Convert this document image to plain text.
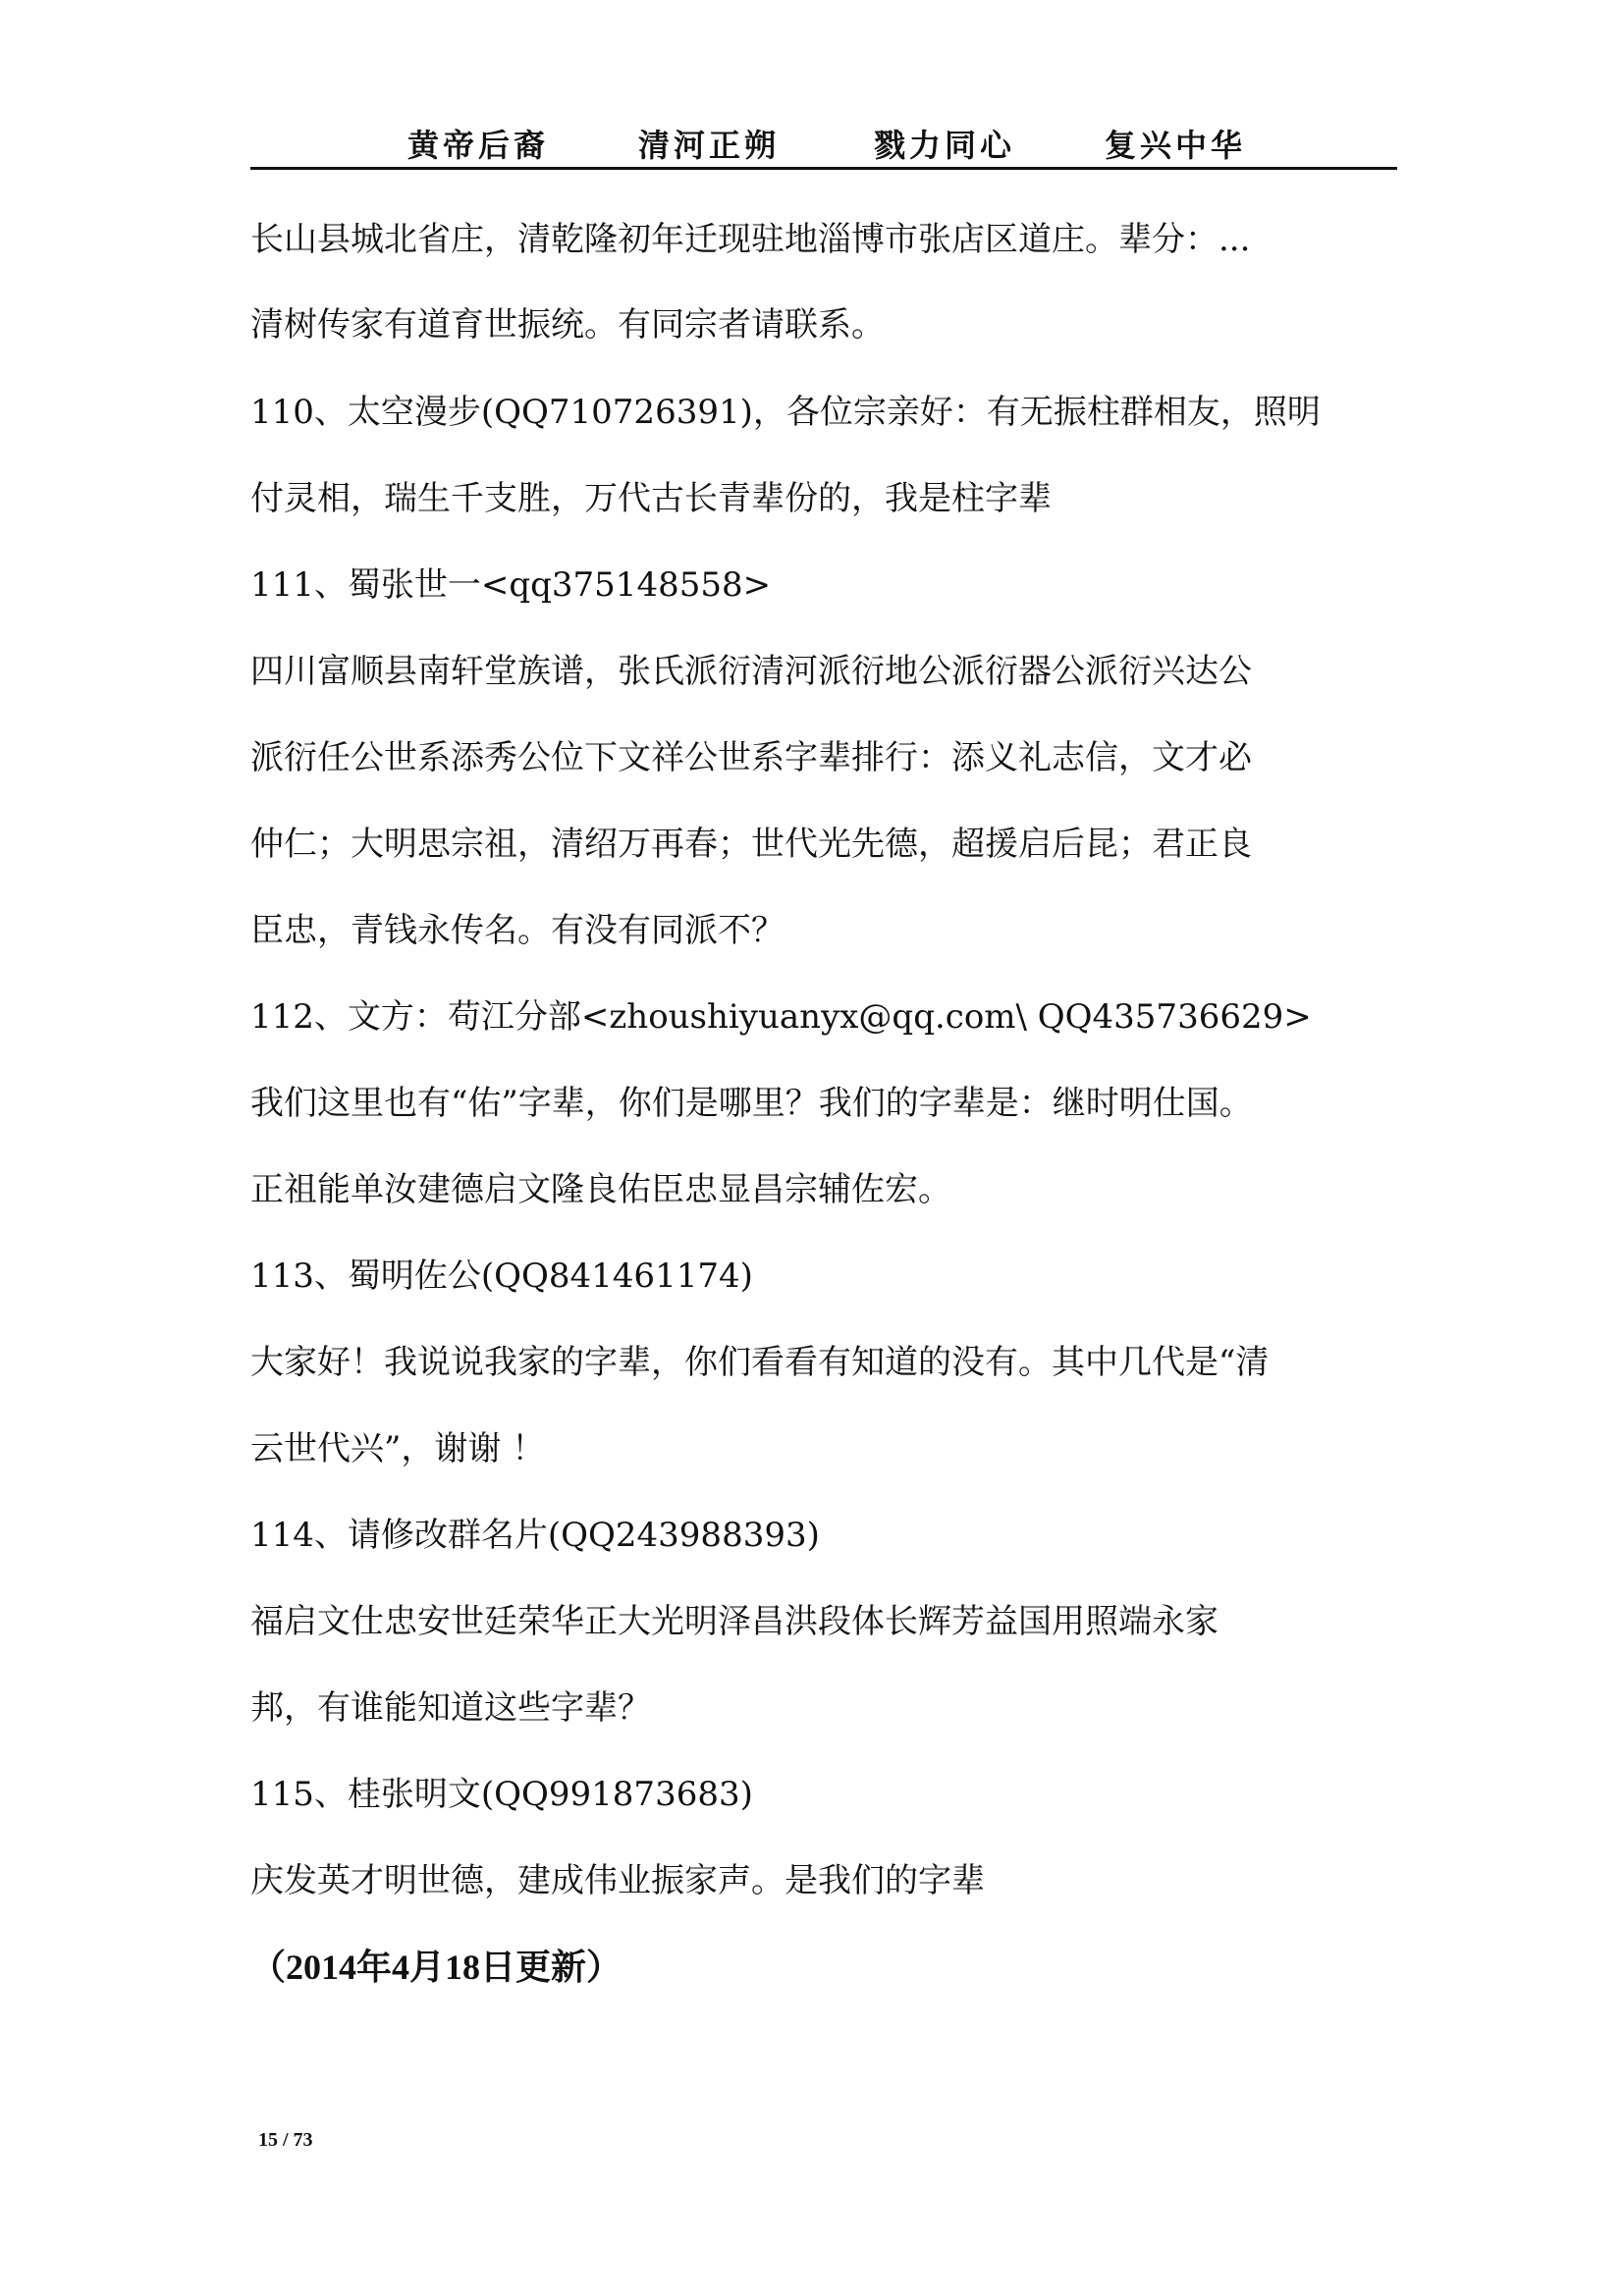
黄帝后裔	清河正朔	戮力同心	复兴中华
长山县城北省庄，清乾隆初年迁现驻地淄博市张店区道庄。辈分：...
清树传家有道育世振统。有同宗者请联系。
110、太空漫步(QQ710726391)，各位宗亲好：有无振柱群相友，照明
付灵相，瑞生千支胜，万代古长青辈份的，我是柱字辈
111、蜀张世一<qq375148558>
四川富顺县南轩堂族谱，张氏派衍清河派衍地公派衍器公派衍兴达公
派衍任公世系添秀公位下文祥公世系字辈排行：添义礼志信，文才必
仲仁；大明思宗祖，清绍万再春；世代光先德，超援启后昆；君正良
臣忠，青钱永传名。有没有同派不？
112、文方：苟江分部<zhoushiyuanyx@qq.com\ QQ435736629>
我们这里也有“佑”字辈，你们是哪里？我们的字辈是：继时明仕国。
正祖能单汝建德启文隆良佑臣忠显昌宗辅佐宏。
113、蜀明佐公(QQ841461174)
大家好！我说说我家的字辈，你们看看有知道的没有。其中几代是“清
云世代兴”，谢谢 ！
114、请修改群名片(QQ243988393)
福启文仕忠安世廷荣华正大光明泽昌洪段体长辉芳益国用照端永家
邦，有谁能知道这些字辈？
115、桂张明文(QQ991873683)
庆发英才明世德，建成伟业振家声。是我们的字辈
（2014年4月18日更新）
15 / 73
